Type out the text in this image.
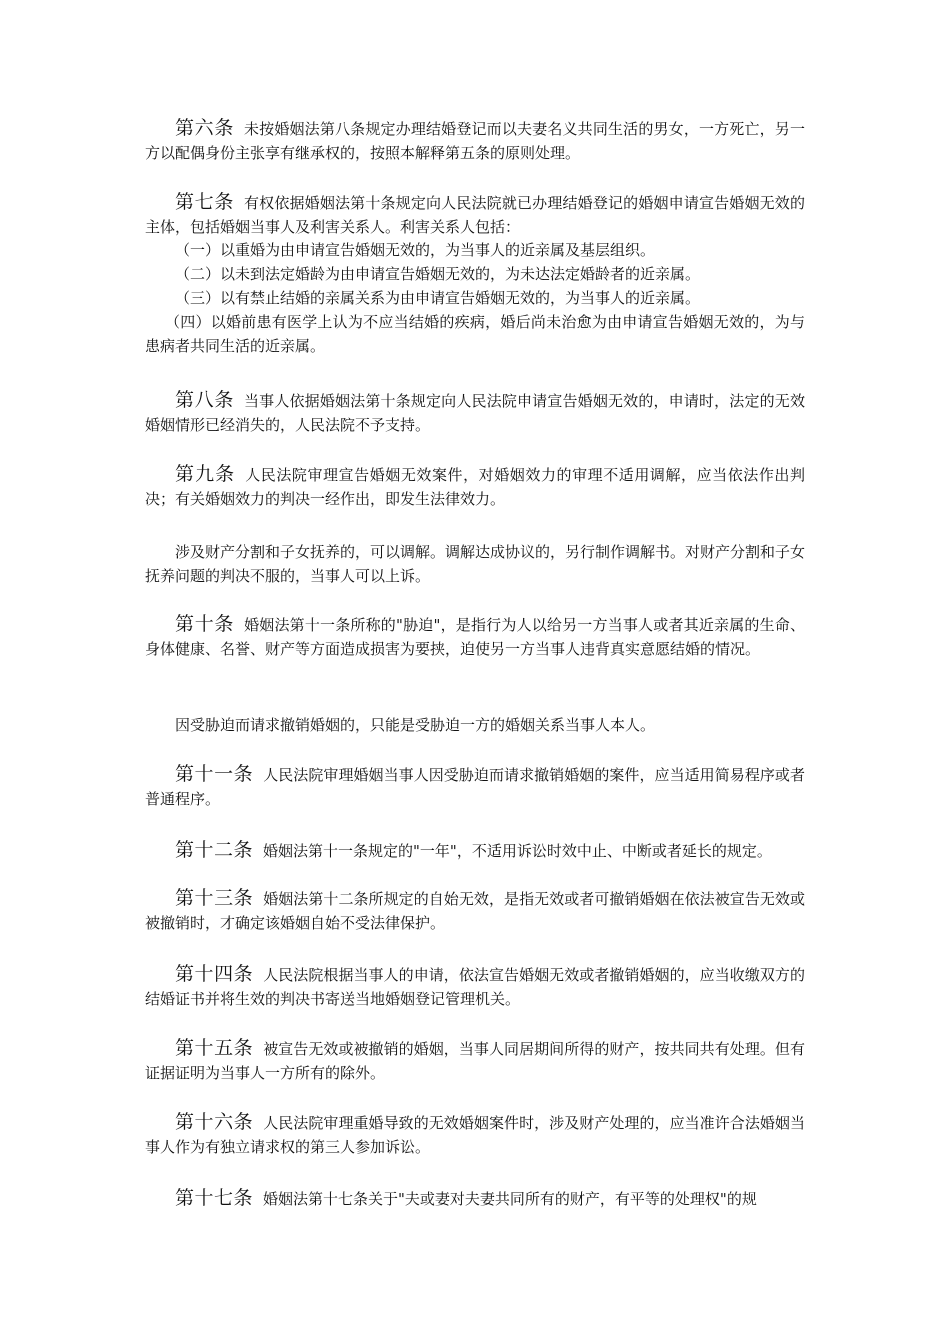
第六条 未按婚姻法第八条规定办理结婚登记而以夫妻名义共同生活的男女，一方死亡，另一方以配偶身份主张享有继承权的，按照本解释第五条的原则处理。
第七条 有权依据婚姻法第十条规定向人民法院就已办理结婚登记的婚姻申请宣告婚姻无效的主体，包括婚姻当事人及利害关系人。利害关系人包括：
（一）以重婚为由申请宣告婚姻无效的，为当事人的近亲属及基层组织。
（二）以未到法定婚龄为由申请宣告婚姻无效的，为未达法定婚龄者的近亲属。
（三）以有禁止结婚的亲属关系为由申请宣告婚姻无效的，为当事人的近亲属。
（四）以婚前患有医学上认为不应当结婚的疾病，婚后尚未治愈为由申请宣告婚姻无效的，为与患病者共同生活的近亲属。
第八条 当事人依据婚姻法第十条规定向人民法院申请宣告婚姻无效的，申请时，法定的无效婚姻情形已经消失的，人民法院不予支持。
第九条 人民法院审理宣告婚姻无效案件，对婚姻效力的审理不适用调解，应当依法作出判决；有关婚姻效力的判决一经作出，即发生法律效力。
涉及财产分割和子女抚养的，可以调解。调解达成协议的，另行制作调解书。对财产分割和子女抚养问题的判决不服的，当事人可以上诉。
第十条 婚姻法第十一条所称的"胁迫"，是指行为人以给另一方当事人或者其近亲属的生命、身体健康、名誉、财产等方面造成损害为要挟，迫使另一方当事人违背真实意愿结婚的情况。
因受胁迫而请求撤销婚姻的，只能是受胁迫一方的婚姻关系当事人本人。
第十一条 人民法院审理婚姻当事人因受胁迫而请求撤销婚姻的案件，应当适用简易程序或者普通程序。
第十二条 婚姻法第十一条规定的"一年"，不适用诉讼时效中止、中断或者延长的规定。
第十三条 婚姻法第十二条所规定的自始无效，是指无效或者可撤销婚姻在依法被宣告无效或被撤销时，才确定该婚姻自始不受法律保护。
第十四条 人民法院根据当事人的申请，依法宣告婚姻无效或者撤销婚姻的，应当收缴双方的结婚证书并将生效的判决书寄送当地婚姻登记管理机关。
第十五条 被宣告无效或被撤销的婚姻，当事人同居期间所得的财产，按共同共有处理。但有证据证明为当事人一方所有的除外。
第十六条 人民法院审理重婚导致的无效婚姻案件时，涉及财产处理的，应当准许合法婚姻当事人作为有独立请求权的第三人参加诉讼。
第十七条 婚姻法第十七条关于"夫或妻对夫妻共同所有的财产，有平等的处理权"的规
